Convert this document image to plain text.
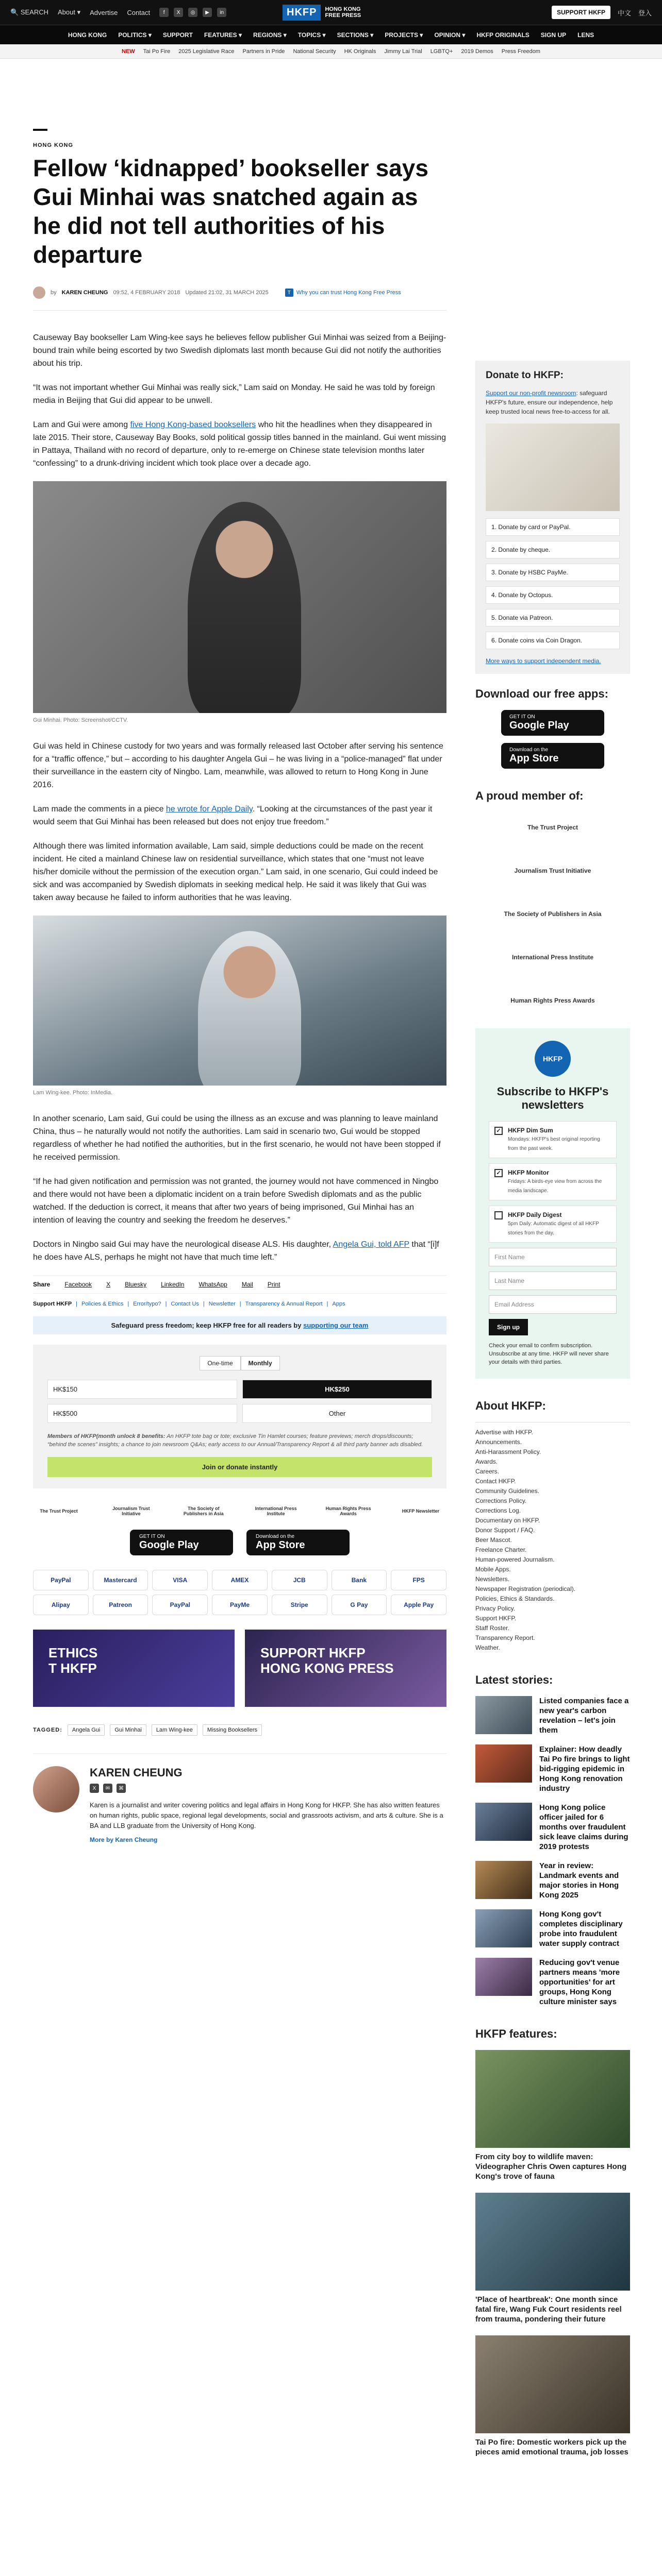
🔍 SEARCH About ▾ Advertise Contact	f	X	◎	▶	in	HKFP	HONG KONG
FREE PRESS	SUPPORT HKFP	中文 登入
HONG KONG POLITICS ▾ SUPPORT FEATURES ▾ REGIONS ▾ TOPICS ▾ SECTIONS ▾ PROJECTS ▾ OPINION ▾ HKFP ORIGINALS SIGN UP LENS
NEW Tai Po Fire 2025 Legislative Race Partners in Pride National Security HK Originals Jimmy Lai Trial LGBTQ+ 2019 Demos Press Freedom
HONG KONG
Fellow ‘kidnapped’ bookseller says Gui Minhai was snatched again as he did not tell authorities of his departure
by KAREN CHEUNG 09:52, 4 FEBRUARY 2018 Updated 21:02, 31 MARCH 2025	T Why you can trust Hong Kong Free Press

Causeway Bay bookseller Lam Wing-kee says he believes fellow publisher Gui Minhai was seized from a Beijing-bound train while being escorted by two Swedish diplomats last month because Gui did not notify the authorities about his trip.

“It was not important whether Gui Minhai was really sick,” Lam said on Monday. He said he was told by foreign media in Beijing that Gui did appear to be unwell.

Lam and Gui were among five Hong Kong-based booksellers who hit the headlines when they disappeared in late 2015. Their store, Causeway Bay Books, sold political gossip titles banned in the mainland. Gui went missing in Pattaya, Thailand with no record of departure, only to re-emerge on Chinese state television months later “confessing” to a drunk-driving incident which took place over a decade ago.

Gui Minhai. Photo: Screenshot/CCTV.

Gui was held in Chinese custody for two years and was formally released last October after serving his sentence for a “traffic offence,” but – according to his daughter Angela Gui – he was living in a “police-managed” flat under their surveillance in the eastern city of Ningbo. Lam, meanwhile, was allowed to return to Hong Kong in June 2016.

Lam made the comments in a piece he wrote for Apple Daily. “Looking at the circumstances of the past year it would seem that Gui Minhai has been released but does not enjoy true freedom.”

Although there was limited information available, Lam said, simple deductions could be made on the recent incident. He cited a mainland Chinese law on residential surveillance, which states that one “must not leave his/her domicile without the permission of the execution organ.” Lam said, in one scenario, Gui could indeed be sick and was accompanied by Swedish diplomats in seeking medical help. He said it was likely that Gui was taken away because he failed to inform authorities that he was leaving.

Lam Wing-kee. Photo: InMedia.

In another scenario, Lam said, Gui could be using the illness as an excuse and was planning to leave mainland China, thus – he naturally would not notify the authorities. Lam said in scenario two, Gui would be stopped regardless of whether he had notified the authorities, but in the first scenario, he would not have been stopped if he received permission.

“If he had given notification and permission was not granted, the journey would not have commenced in Ningbo and there would not have been a diplomatic incident on a train before Swedish diplomats and as the public watched. If the deduction is correct, it means that after two years of being imprisoned, Gui Minhai has an intention of leaving the country and seeking the freedom he deserves.”

Doctors in Ningbo said Gui may have the neurological disease ALS. His daughter, Angela Gui, told AFP that “[i]f he does have ALS, perhaps he might not have that much time left.”

Share Facebook X Bluesky LinkedIn WhatsApp Mail Print
Support HKFP | Policies & Ethics | Error/typo? | Contact Us | Newsletter | Transparency & Annual Report | Apps
Safeguard press freedom; keep HKFP free for all readers by supporting our team
One-time	Monthly
HK$150	HK$250
HK$500	Other
Members of HKFP(month unlock 8 benefits: An HKFP tote bag or tote; exclusive Tin Hamlet courses; feature previews; merch drops/discounts; “behind the scenes” insights; a chance to join newsroom Q&As; early access to our Annual/Transparency Report & all third party banner ads disabled.
Join or donate instantly
The Trust Project	Journalism Trust Initiative
The Society of Publishers in Asia
International Press Institute
Human Rights Press Awards	HKFP Newsletter
GET IT ON
Google Play
Download on the
App Store
PayPal	Mastercard	VISA	AMEX	JCB	Bank	FPS
Alipay	Patreon	PayPal	PayMe	Stripe	G Pay	Apple Pay
ETHICS
T HKFP
SUPPORT HKFP
HONG KONG PRESS
TAGGED:	Angela Gui	Gui Minhai	Lam Wing-kee	Missing Booksellers
KAREN CHEUNG
X	✉	⌘

Karen is a journalist and writer covering politics and legal affairs in Hong Kong for HKFP. She has also written features on human rights, public space, regional legal developments, social and grassroots activism, and arts & culture. She is a BA and LLB graduate from the University of Hong Kong.

More by Karen Cheung
Donate to HKFP:
Support our non-profit newsroom: safeguard HKFP's future, ensure our independence, help keep trusted local news free-to-access for all.
1. Donate by card or PayPal.
2. Donate by cheque.
3. Donate by HSBC PayMe.
4. Donate by Octopus.
5. Donate via Patreon.
6. Donate coins via Coin Dragon.
More ways to support independent media.
Download our free apps:
GET IT ON
Google Play
Download on the
App Store
A proud member of:
The Trust Project
Journalism Trust Initiative
The Society of Publishers in Asia
International Press Institute
Human Rights Press Awards
HKFP
Subscribe to HKFP's newsletters
✓ HKFP Dim Sum
Mondays: HKFP's best original reporting from the past week.
✓ HKFP Monitor
Fridays: A birds-eye view from across the media landscape.
HKFP Daily Digest
5pm Daily: Automatic digest of all HKFP stories from the day.
First Name
Last Name
Email Address
Sign up
Check your email to confirm subscription. Unsubscribe at any time. HKFP will never share your details with third parties.
About HKFP:
Advertise with HKFP.
Announcements.
Anti-Harassment Policy.
Awards.
Careers.
Contact HKFP.
Community Guidelines.
Corrections Policy.
Corrections Log.
Documentary on HKFP.
Donor Support / FAQ.
Beer Mascot.
Freelance Charter.
Human-powered Journalism.
Mobile Apps.
Newsletters.
Newspaper Registration (periodical).
Policies, Ethics & Standards.
Privacy Policy.
Support HKFP.
Staff Roster.
Transparency Report.
Weather.
Latest stories:
Listed companies face a new year's carbon revelation – let's join them
Explainer: How deadly Tai Po fire brings to light bid-rigging epidemic in Hong Kong renovation industry
Hong Kong police officer jailed for 6 months over fraudulent sick leave claims during 2019 protests
Year in review: Landmark events and major stories in Hong Kong 2025
Hong Kong gov't completes disciplinary probe into fraudulent water supply contract
Reducing gov't venue partners means 'more opportunities' for art groups, Hong Kong culture minister says
HKFP features:
From city boy to wildlife maven: Videographer Chris Owen captures Hong Kong's trove of fauna
'Place of heartbreak': One month since fatal fire, Wang Fuk Court residents reel from trauma, pondering their future
Tai Po fire: Domestic workers pick up the pieces amid emotional trauma, job losses
